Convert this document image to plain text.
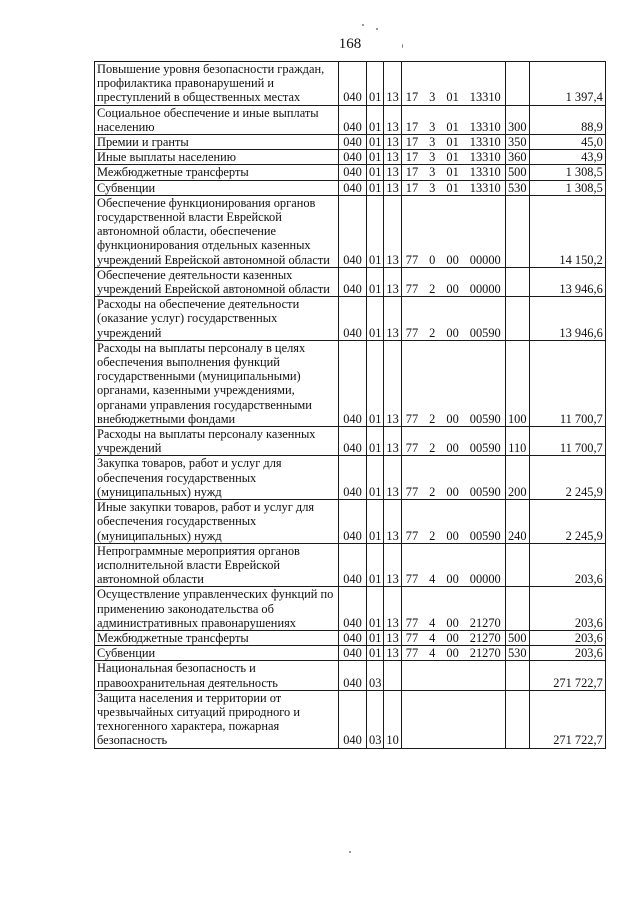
168
Повышение уровня безопасности граждан, профилактика правонарушений и преступлений в общественных местах	040	01	13	17 3 01 13310		1 397,4
Социальное обеспечение и иные выплаты населению	040	01	13	17 3 01 13310	300	88,9
Премии и гранты	040	01	13	17 3 01 13310	350	45,0
Иные выплаты населению	040	01	13	17 3 01 13310	360	43,9
Межбюджетные трансферты	040	01	13	17 3 01 13310	500	1 308,5
Субвенции	040	01	13	17 3 01 13310	530	1 308,5
Обеспечение функционирования органов государственной власти Еврейской автономной области, обеспечение функционирования отдельных казенных учреждений Еврейской автономной области	040	01	13	77 0 00 00000		14 150,2
Обеспечение деятельности казенных учреждений Еврейской автономной области	040	01	13	77 2 00 00000		13 946,6
Расходы на обеспечение деятельности (оказание услуг) государственных учреждений	040	01	13	77 2 00 00590		13 946,6
Расходы на выплаты персоналу в целях обеспечения выполнения функций государственными (муниципальными) органами, казенными учреждениями, органами управления государственными внебюджетными фондами	040	01	13	77 2 00 00590	100	11 700,7
Расходы на выплаты персоналу казенных учреждений	040	01	13	77 2 00 00590	110	11 700,7
Закупка товаров, работ и услуг для обеспечения государственных (муниципальных) нужд	040	01	13	77 2 00 00590	200	2 245,9
Иные закупки товаров, работ и услуг для обеспечения государственных (муниципальных) нужд	040	01	13	77 2 00 00590	240	2 245,9
Непрограммные мероприятия органов исполнительной власти Еврейской автономной области	040	01	13	77 4 00 00000		203,6
Осуществление управленческих функций по применению законодательства об административных правонарушениях	040	01	13	77 4 00 21270		203,6
Межбюджетные трансферты	040	01	13	77 4 00 21270	500	203,6
Субвенции	040	01	13	77 4 00 21270	530	203,6
Национальная безопасность и правоохранительная деятельность	040	03				271 722,7
Защита населения и территории от чрезвычайных ситуаций природного и техногенного характера, пожарная безопасность	040	03	10			271 722,7
